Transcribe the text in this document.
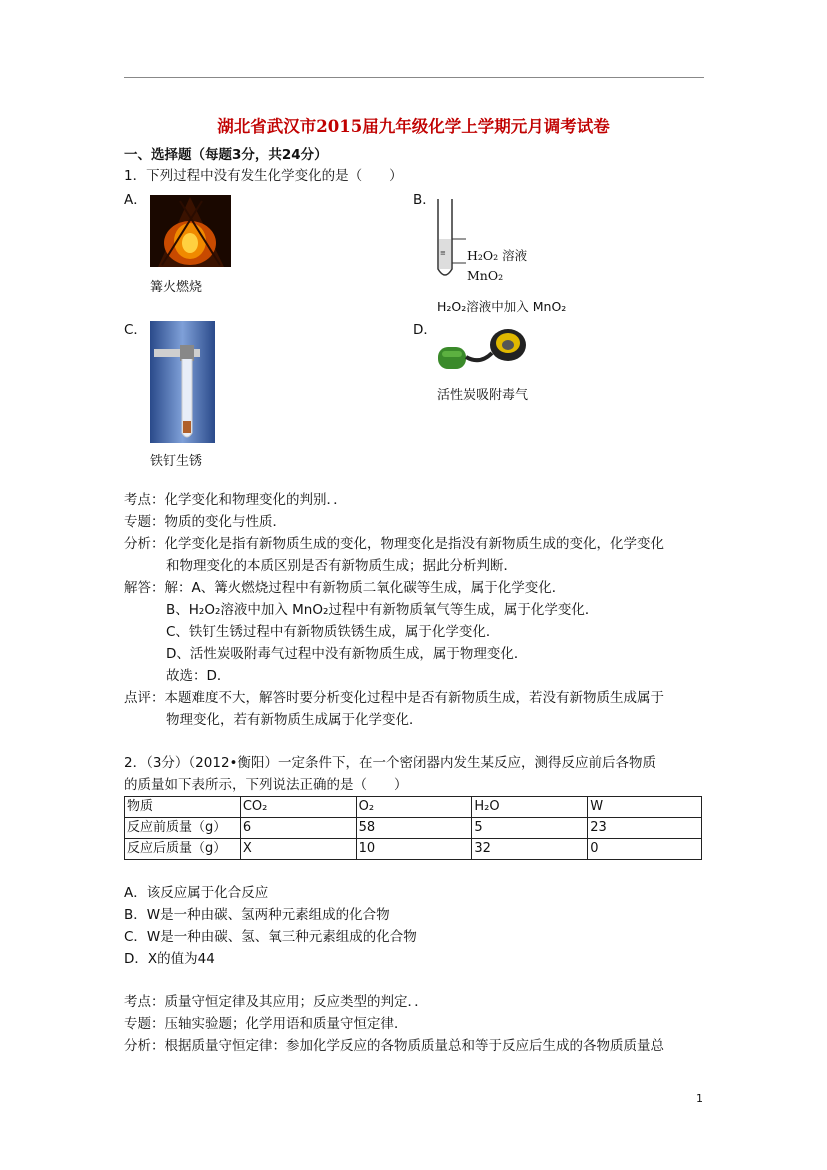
湖北省武汉市2015届九年级化学上学期元月调考试卷
一、选择题（每题3分，共24分）
1．下列过程中没有发生化学变化的是（　　）
A．
篝火燃烧
B．
≡ H₂O₂ 溶液
MnO₂
H₂O₂溶液中加入 MnO₂
C．
铁钉生锈
D．
活性炭吸附毒气
考点：化学变化和物理变化的判别．．
专题：物质的变化与性质．
分析：化学变化是指有新物质生成的变化，物理变化是指没有新物质生成的变化，化学变化
和物理变化的本质区别是否有新物质生成；据此分析判断．
解答：解：A、篝火燃烧过程中有新物质二氧化碳等生成，属于化学变化．
B、H₂O₂溶液中加入 MnO₂过程中有新物质氧气等生成，属于化学变化．
C、铁钉生锈过程中有新物质铁锈生成，属于化学变化．
D、活性炭吸附毒气过程中没有新物质生成，属于物理变化．
故选：D．
点评：本题难度不大，解答时要分析变化过程中是否有新物质生成，若没有新物质生成属于
物理变化，若有新物质生成属于化学变化．
2．（3分）（2012•衡阳）一定条件下，在一个密闭器内发生某反应，测得反应前后各物质
的质量如下表所示，下列说法正确的是（　　）
物质	CO₂	O₂	H₂O	W
反应前质量（g）	6	58	5	23
反应后质量（g）	X	10	32	0
A．该反应属于化合反应
B．W是一种由碳、氢两种元素组成的化合物
C．W是一种由碳、氢、氧三种元素组成的化合物
D．X的值为44
考点：质量守恒定律及其应用；反应类型的判定．．
专题：压轴实验题；化学用语和质量守恒定律．
分析：根据质量守恒定律：参加化学反应的各物质质量总和等于反应后生成的各物质质量总
1
